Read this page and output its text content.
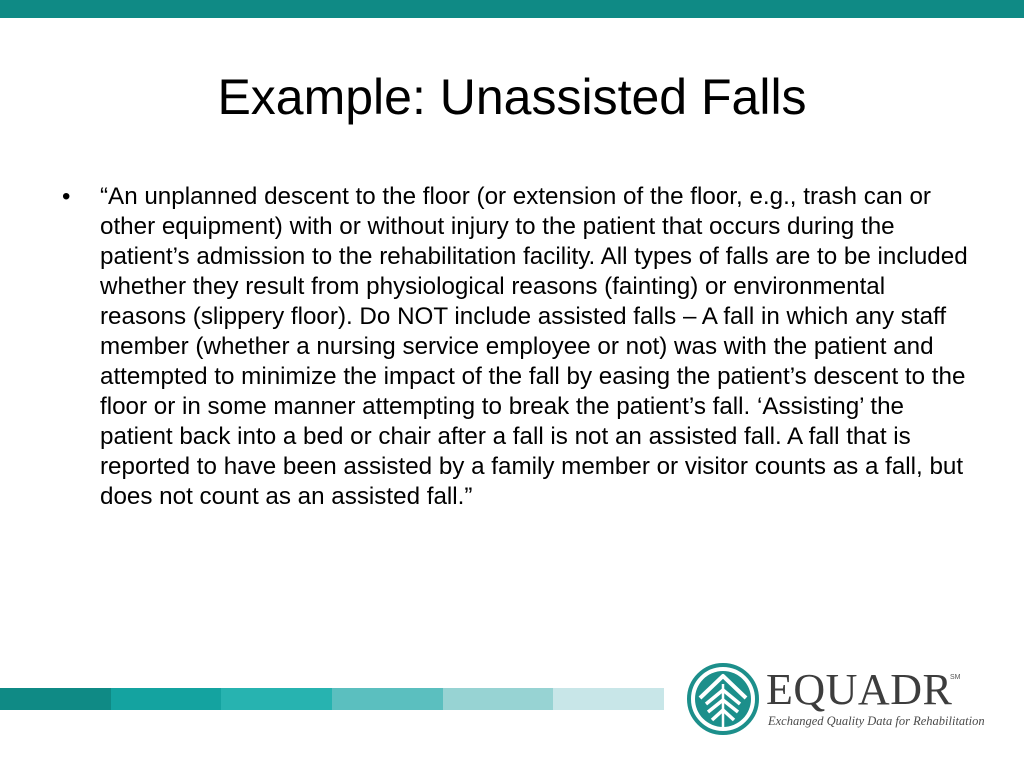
Example: Unassisted Falls
• “An unplanned descent to the floor (or extension of the floor, e.g., trash can or other equipment) with or without injury to the patient that occurs during the patient’s admission to the rehabilitation facility. All types of falls are to be included whether they result from physiological reasons (fainting) or environmental reasons (slippery floor). Do NOT include assisted falls – A fall in which any staff member (whether a nursing service employee or not) was with the patient and attempted to minimize the impact of the fall by easing the patient’s descent to the floor or in some manner attempting to break the patient’s fall. ‘Assisting’ the patient back into a bed or chair after a fall is not an assisted fall. A fall that is reported to have been assisted by a family member or visitor counts as a fall, but does not count as an assisted fall.”
EQUADR
SM
Exchanged Quality Data for Rehabilitation
